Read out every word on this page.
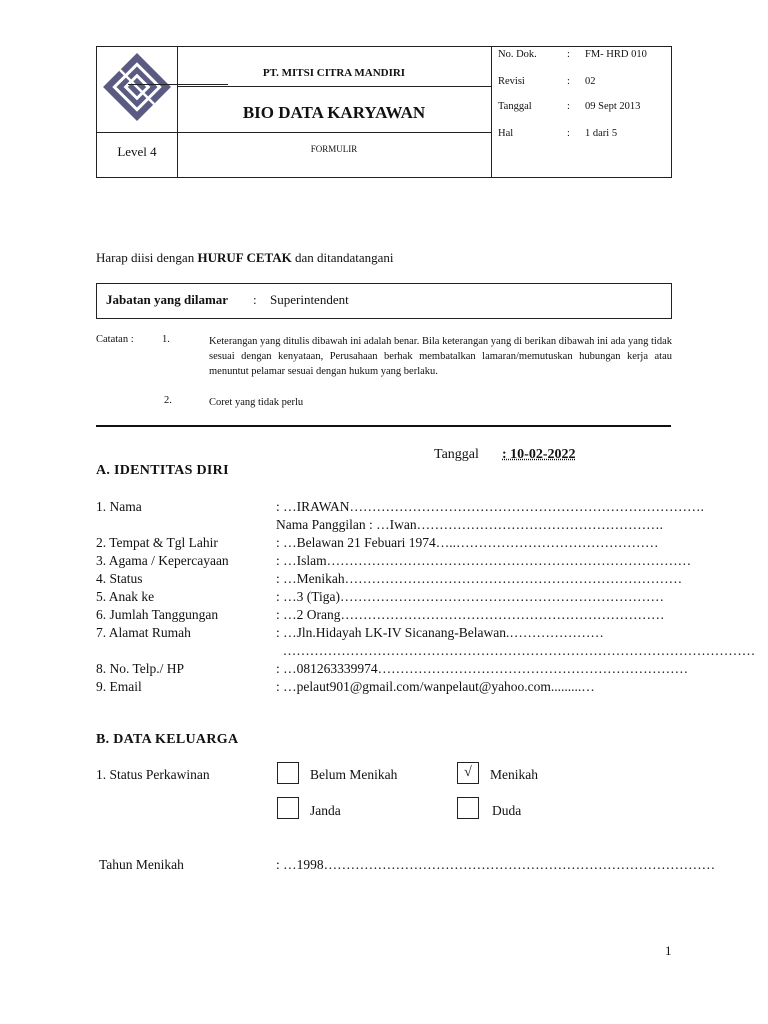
PT. MITSI CITRA MANDIRI
BIO DATA KARYAWAN
Level 4	FORMULIR
No. Dok.	: FM- HRD 010
Revisi	: 02
Tanggal	: 09 Sept 2013
Hal	: 1 dari 5
Harap diisi dengan HURUF CETAK dan ditandatangani
Jabatan yang dilamar : Superintendent
Catatan :	1.	Keterangan yang ditulis dibawah ini adalah benar. Bila keterangan yang di berikan dibawah ini ada yang tidak sesuai dengan kenyataan, Perusahaan berhak membatalkan lamaran/memutuskan hubungan kerja atau menuntut pelamar sesuai dengan hukum yang berlaku.
2.	Coret yang tidak perlu
Tanggal : 10-02-2022
A. IDENTITAS DIRI
1. Nama	: …IRAWAN…………………………………………………………………….
Nama Panggilan : …Iwan……………………………………………….
2. Tempat & Tgl Lahir	: …Belawan 21 Febuari 1974…..………………………………………
3. Agama / Kepercayaan	: …Islam………………………………………………………………………
4. Status	: …Menikah…………………………………………………………………
5. Anak ke	: …3 (Tiga)………………………………………………………………
6. Jumlah Tanggungan	: …2 Orang………………………………………………………………
7. Alamat Rumah	: …Jln.Hidayah LK-IV Sicanang-Belawan.…………………
……………………………………………………………………………………………
8. No. Telp./ HP	: …081263339974……………………………………………………………
9. Email	: …pelaut901@gmail.com/wanpelaut@yahoo.com.........…
B. DATA KELUARGA
1. Status Perkawinan	Belum Menikah	√	Menikah
Janda	Duda
Tahun Menikah	: …1998……………………………………………………………………………
1
